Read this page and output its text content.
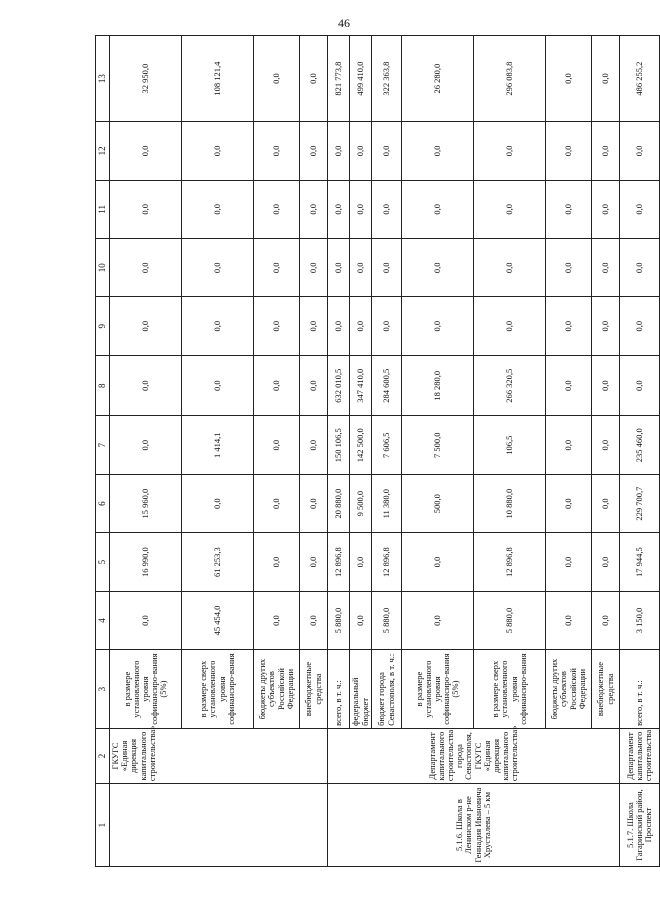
46
1	2	3	4	5	6	7	8	9	10	11	12	13
	ГКУГС «Единая дирекция капитального строительства»	в размере установленного уровня софинансиро-вания (5%)	0,0	16 990,0	15 960,0	0,0	0,0	0,0	0,0	0,0	0,0	32 950,0
		в размере сверх установленного уровня софинансиро-вания	45 454,0	61 253,3	0,0	1 414,1	0,0	0,0	0,0	0,0	0,0	108 121,4
		бюджеты других субъектов Российской Федерации	0,0	0,0	0,0	0,0	0,0	0,0	0,0	0,0	0,0	0,0
		внебюджетные средства	0,0	0,0	0,0	0,0	0,0	0,0	0,0	0,0	0,0	0,0
5.1.6. Школа в Ленинском р-не Геннадия Ивановича Хрусталева – 5 км	Департамент капитального строительства города Севастополя, ГКУГС «Единая дирекция капитального строительства»	всего, в т. ч.:	5 880,0	12 896,8	20 880,0	150 106,5	632 010,5	0,0	0,0	0,0	0,0	821 773,8
		федеральный бюджет	0,0	0,0	9 500,0	142 500,0	347 410,0	0,0	0,0	0,0	0,0	499 410,0
		бюджет города Севастополя, в т. ч.:	5 880,0	12 896,8	11 380,0	7 606,5	284 600,5	0,0	0,0	0,0	0,0	322 363,8
		в размере установленного уровня софинансиро-вания (5%)	0,0	0,0	500,0	7 500,0	18 280,0	0,0	0,0	0,0	0,0	26 280,0
		в размере сверх установленного уровня софинансиро-вания	5 880,0	12 896,8	10 880,0	106,5	266 320,5	0,0	0,0	0,0	0,0	296 083,8
		бюджеты других субъектов Российской Федерации	0,0	0,0	0,0	0,0	0,0	0,0	0,0	0,0	0,0	0,0
		внебюджетные средства	0,0	0,0	0,0	0,0	0,0	0,0	0,0	0,0	0,0	0,0
5.1.7. Школа Гагаринский район, Проспект	Департамент капитального строительства	всего, в т. ч.:	3 150,0	17 944,5	229 700,7	235 460,0	0,0	0,0	0,0	0,0	0,0	486 255,2
